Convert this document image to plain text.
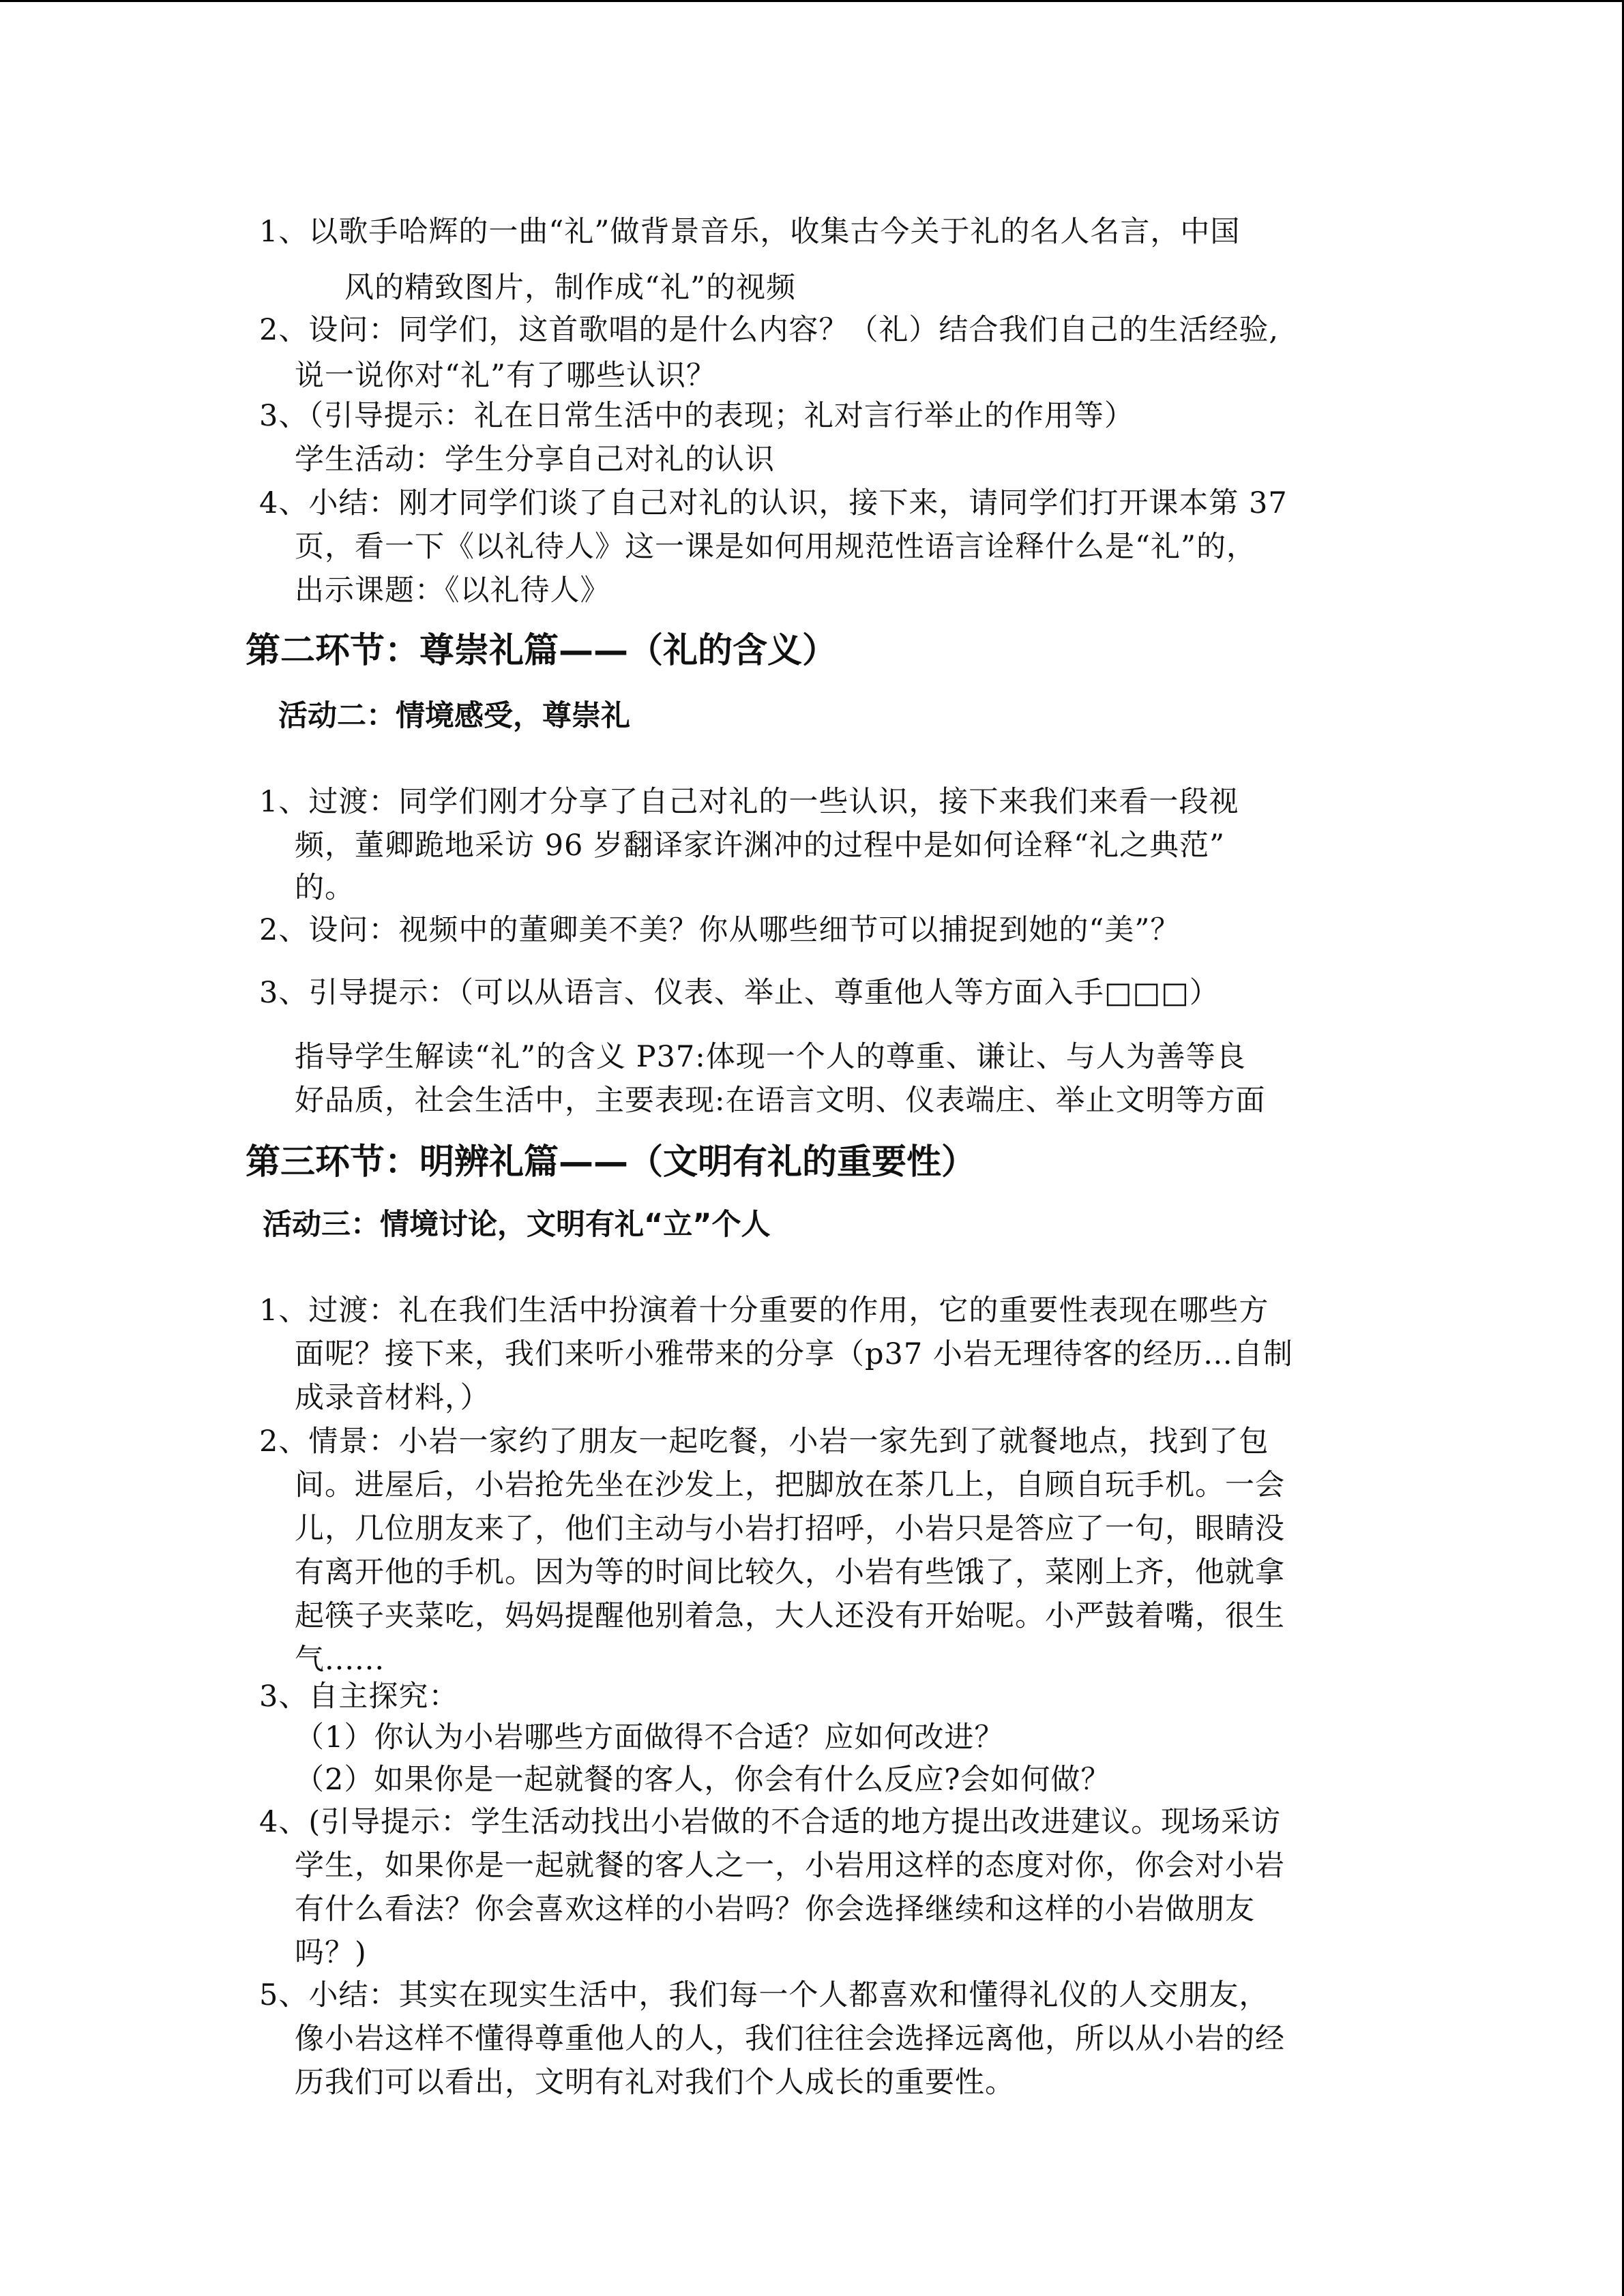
1、以歌手哈辉的一曲“礼”做背景音乐，收集古今关于礼的名人名言，中国
风的精致图片，制作成“礼”的视频
2、设问：同学们，这首歌唱的是什么内容？（礼）结合我们自己的生活经验,
说一说你对“礼”有了哪些认识？
3、（引导提示：礼在日常生活中的表现；礼对言行举止的作用等）
学生活动：学生分享自己对礼的认识
4、小结：刚才同学们谈了自己对礼的认识，接下来，请同学们打开课本第 37
页，看一下《以礼待人》这一课是如何用规范性语言诠释什么是“礼”的，
出示课题：《以礼待人》
第二环节：尊崇礼篇——（礼的含义）
活动二：情境感受，尊崇礼
1、过渡：同学们刚才分享了自己对礼的一些认识，接下来我们来看一段视
频，董卿跪地采访 96 岁翻译家许渊冲的过程中是如何诠释“礼之典范”
的。
2、设问：视频中的董卿美不美？你从哪些细节可以捕捉到她的“美”？
3、引导提示：（可以从语言、仪表、举止、尊重他人等方面入手□□□）
指导学生解读“礼”的含义 P37:体现一个人的尊重、谦让、与人为善等良
好品质，社会生活中，主要表现:在语言文明、仪表端庄、举止文明等方面
第三环节：明辨礼篇——（文明有礼的重要性）
活动三：情境讨论，文明有礼“立”个人
1、过渡：礼在我们生活中扮演着十分重要的作用，它的重要性表现在哪些方
面呢？接下来，我们来听小雅带来的分享（p37 小岩无理待客的经历…自制
成录音材料，）
2、情景：小岩一家约了朋友一起吃餐，小岩一家先到了就餐地点，找到了包
间。进屋后，小岩抢先坐在沙发上，把脚放在茶几上，自顾自玩手机。一会
儿，几位朋友来了，他们主动与小岩打招呼，小岩只是答应了一句，眼睛没
有离开他的手机。因为等的时间比较久，小岩有些饿了，菜刚上齐，他就拿
起筷子夹菜吃，妈妈提醒他别着急，大人还没有开始呢。小严鼓着嘴，很生
气......
3、自主探究：
（1）你认为小岩哪些方面做得不合适？应如何改进？
（2）如果你是一起就餐的客人，你会有什么反应?会如何做？
4、(引导提示：学生活动找出小岩做的不合适的地方提出改进建议。现场采访
学生，如果你是一起就餐的客人之一，小岩用这样的态度对你，你会对小岩
有什么看法？你会喜欢这样的小岩吗？你会选择继续和这样的小岩做朋友
吗？)
5、小结：其实在现实生活中，我们每一个人都喜欢和懂得礼仪的人交朋友，
像小岩这样不懂得尊重他人的人，我们往往会选择远离他，所以从小岩的经
历我们可以看出，文明有礼对我们个人成长的重要性。
